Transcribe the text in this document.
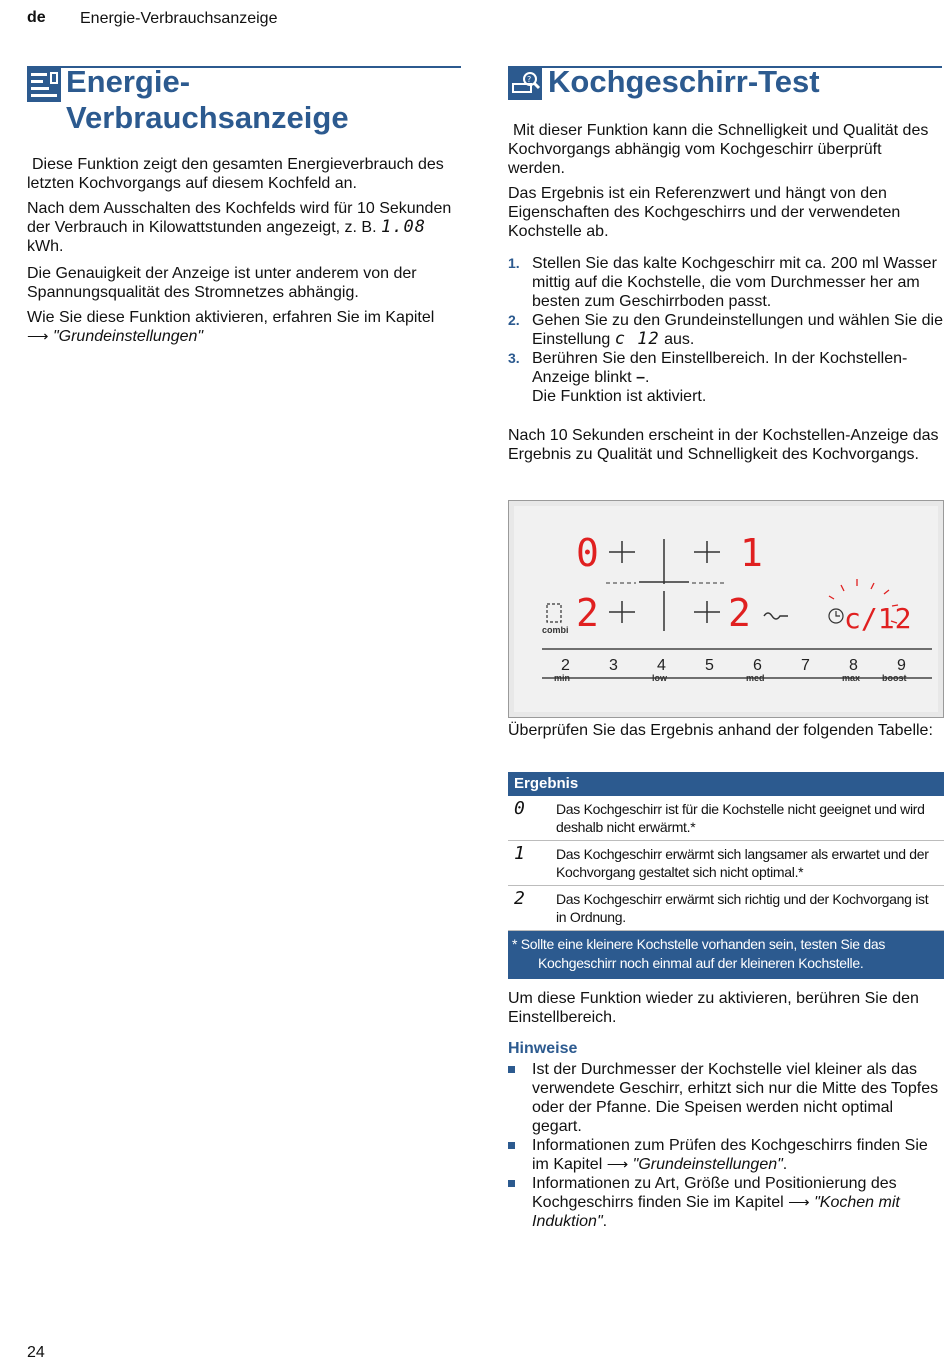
de Energie-Verbrauchsanzeige
Energie-
Verbrauchsanzeige
Diese Funktion zeigt den gesamten Energieverbrauch des letzten Kochvorgangs auf diesem Kochfeld an.
Nach dem Ausschalten des Kochfelds wird für 10 Sekunden der Verbrauch in Kilowattstunden angezeigt, z. B. 1.08 kWh.
Die Genauigkeit der Anzeige ist unter anderem von der Spannungsqualität des Stromnetzes abhängig.
Wie Sie diese Funktion aktivieren, erfahren Sie im Kapitel ⟶ "Grundeinstellungen"
? Kochgeschirr-Test
Mit dieser Funktion kann die Schnelligkeit und Qualität des Kochvorgangs abhängig vom Kochgeschirr überprüft werden.
Das Ergebnis ist ein Referenzwert und hängt von den Eigenschaften des Kochgeschirrs und der verwendeten Kochstelle ab.
1. Stellen Sie das kalte Kochgeschirr mit ca. 200 ml Wasser mittig auf die Kochstelle, die vom Durchmesser her am besten zum Geschirrboden passt.
2. Gehen Sie zu den Grundeinstellungen und wählen Sie die Einstellung c 12 aus.
3. Berühren Sie den Einstellbereich. In der Kochstellen-Anzeige blinkt –.
Die Funktion ist aktiviert.
Nach 10 Sekunden erscheint in der Kochstellen-Anzeige das Ergebnis zu Qualität und Schnelligkeit des Kochvorgangs.
0	1
2	2	c/12
combi
2 3 4 5 6 7 8 9
min	low	med	max boost
Überprüfen Sie das Ergebnis anhand der folgenden Tabelle:
Ergebnis
0	Das Kochgeschirr ist für die Kochstelle nicht geeignet und wird deshalb nicht erwärmt.*
1	Das Kochgeschirr erwärmt sich langsamer als erwartet und der Kochvorgang gestaltet sich nicht optimal.*
2	Das Kochgeschirr erwärmt sich richtig und der Kochvorgang ist in Ordnung.
* Sollte eine kleinere Kochstelle vorhanden sein, testen Sie das Kochgeschirr noch einmal auf der kleineren Kochstelle.
Um diese Funktion wieder zu aktivieren, berühren Sie den Einstellbereich.
Hinweise
Ist der Durchmesser der Kochstelle viel kleiner als das verwendete Geschirr, erhitzt sich nur die Mitte des Topfes oder der Pfanne. Die Speisen werden nicht optimal gegart.
Informationen zum Prüfen des Kochgeschirrs finden Sie im Kapitel ⟶ "Grundeinstellungen".
Informationen zu Art, Größe und Positionierung des Kochgeschirrs finden Sie im Kapitel ⟶ "Kochen mit Induktion".
24
